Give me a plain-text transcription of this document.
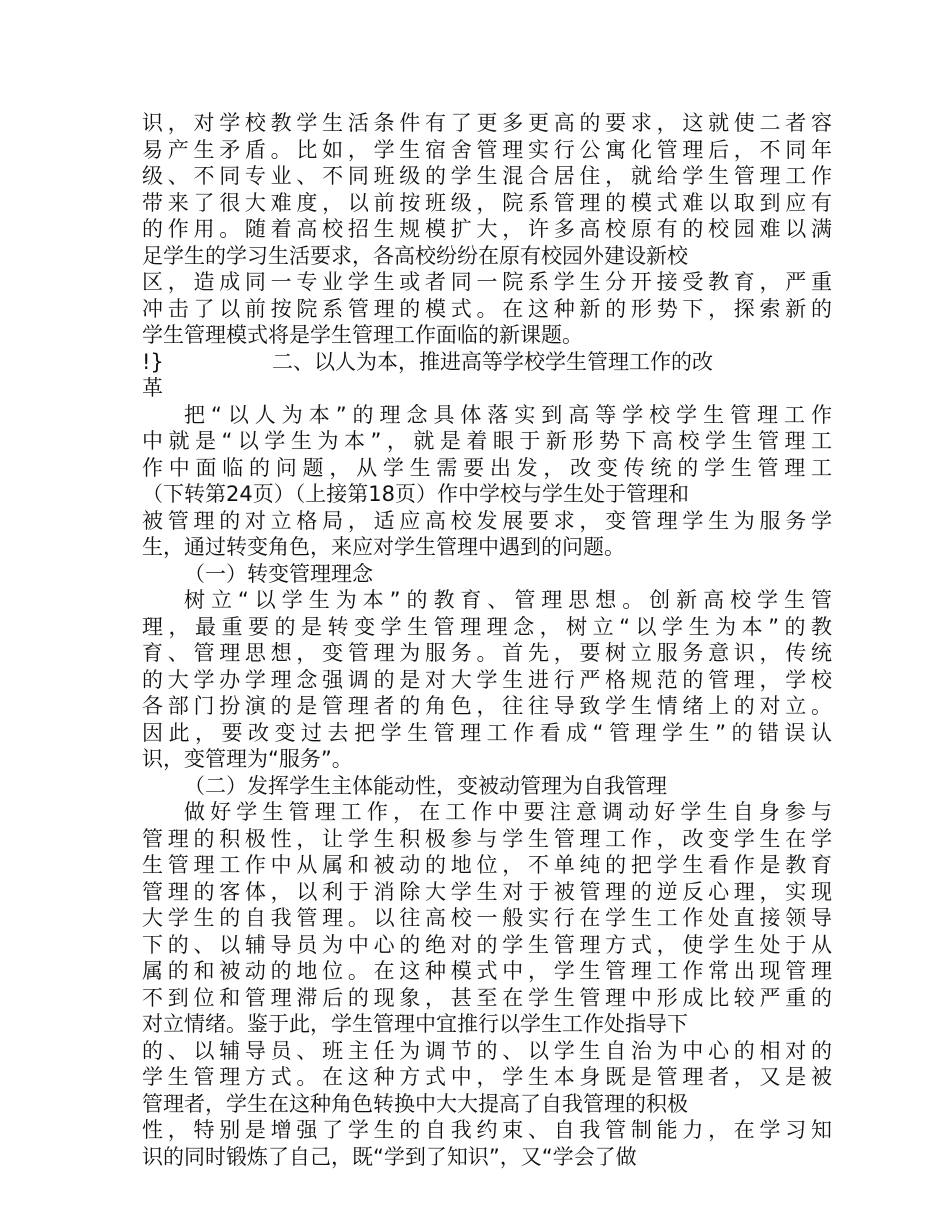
识，对学校教学生活条件有了更多更高的要求，这就使二者容
易产生矛盾。比如，学生宿舍管理实行公寓化管理后，不同年
级、不同专业、不同班级的学生混合居住，就给学生管理工作
带来了很大难度，以前按班级，院系管理的模式难以取到应有
的作用。随着高校招生规模扩大，许多高校原有的校园难以满
足学生的学习生活要求，各高校纷纷在原有校园外建设新校
区，造成同一专业学生或者同一院系学生分开接受教育，严重
冲击了以前按院系管理的模式。在这种新的形势下，探索新的
学生管理模式将是学生管理工作面临的新课题。
!}	二、以人为本，推进高等学校学生管理工作的改
革
把“以人为本”的理念具体落实到高等学校学生管理工作
中就是“以学生为本”，就是着眼于新形势下高校学生管理工
作中面临的问题，从学生需要出发，改变传统的学生管理工
（下转第24页）（上接第18页）作中学校与学生处于管理和
被管理的对立格局，适应高校发展要求，变管理学生为服务学
生，通过转变角色，来应对学生管理中遇到的问题。
（一）转变管理理念
树立“以学生为本”的教育、管理思想。创新高校学生管
理，最重要的是转变学生管理理念，树立“以学生为本”的教
育、管理思想，变管理为服务。首先，要树立服务意识，传统
的大学办学理念强调的是对大学生进行严格规范的管理，学校
各部门扮演的是管理者的角色，往往导致学生情绪上的对立。
因此，要改变过去把学生管理工作看成“管理学生”的错误认
识，变管理为“服务”。
（二）发挥学生主体能动性，变被动管理为自我管理
做好学生管理工作，在工作中要注意调动好学生自身参与
管理的积极性，让学生积极参与学生管理工作，改变学生在学
生管理工作中从属和被动的地位，不单纯的把学生看作是教育
管理的客体，以利于消除大学生对于被管理的逆反心理，实现
大学生的自我管理。以往高校一般实行在学生工作处直接领导
下的、以辅导员为中心的绝对的学生管理方式，使学生处于从
属的和被动的地位。在这种模式中，学生管理工作常出现管理
不到位和管理滞后的现象，甚至在学生管理中形成比较严重的
对立情绪。鉴于此，学生管理中宜推行以学生工作处指导下
的、以辅导员、班主任为调节的、以学生自治为中心的相对的
学生管理方式。在这种方式中，学生本身既是管理者，又是被
管理者，学生在这种角色转换中大大提高了自我管理的积极
性，特别是增强了学生的自我约束、自我管制能力，在学习知
识的同时锻炼了自己，既“学到了知识”，又“学会了做
